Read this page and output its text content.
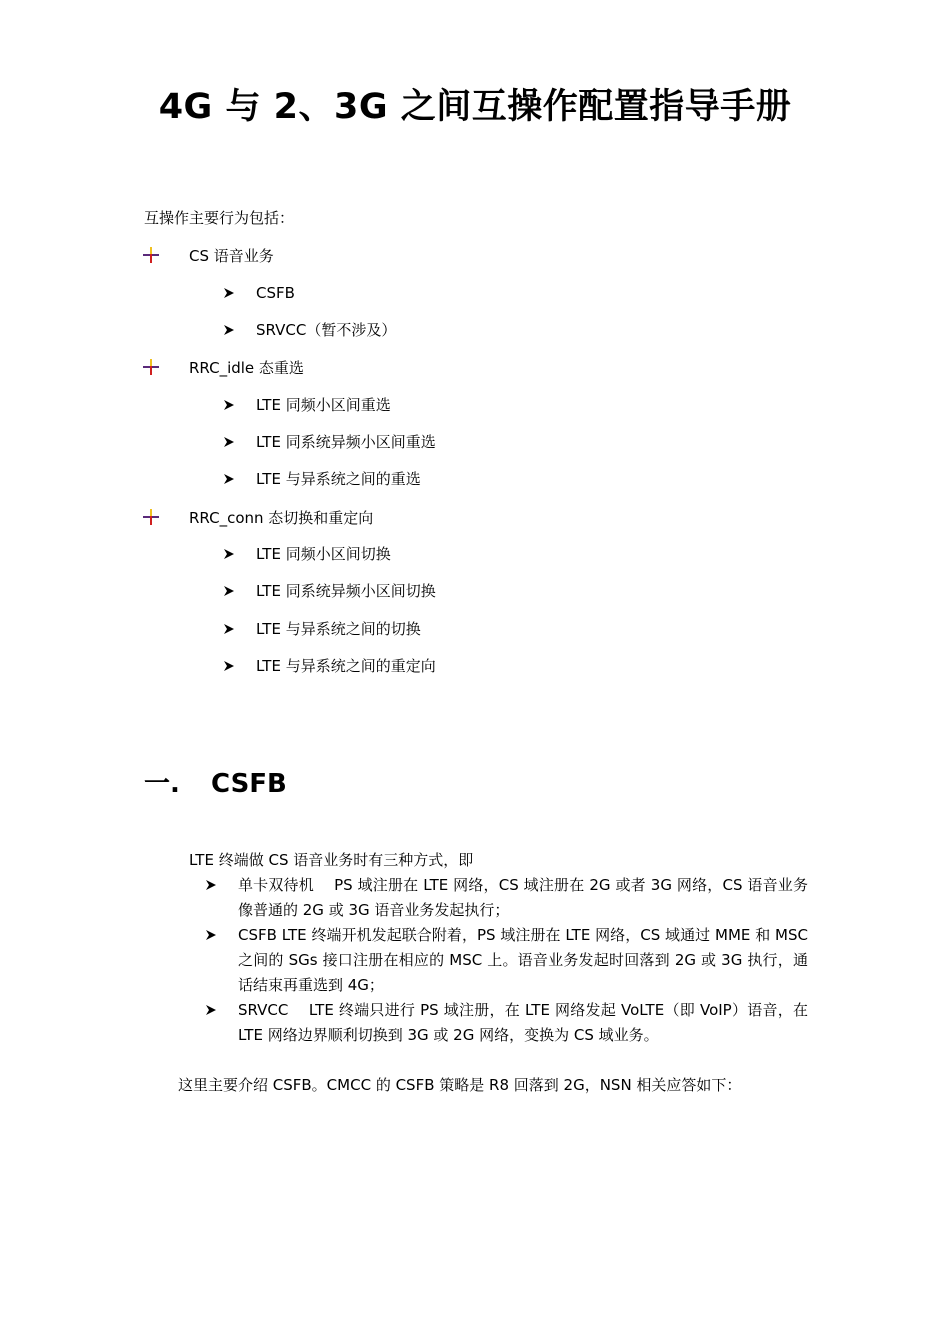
4G 与 2、3G 之间互操作配置指导手册
互操作主要行为包括：
CS 语音业务
CSFB
SRVCC（暂不涉及）
RRC_idle 态重选
LTE 同频小区间重选
LTE 同系统异频小区间重选
LTE 与异系统之间的重选
RRC_conn 态切换和重定向
LTE 同频小区间切换
LTE 同系统异频小区间切换
LTE 与异系统之间的切换
LTE 与异系统之间的重定向
一. CSFB
LTE 终端做 CS 语音业务时有三种方式，即
单卡双待机　 PS 域注册在 LTE 网络，CS 域注册在 2G 或者 3G 网络，CS 语音业务像普通的 2G 或 3G 语音业务发起执行；
CSFB LTE 终端开机发起联合附着，PS 域注册在 LTE 网络，CS 域通过 MME 和 MSC 之间的 SGs 接口注册在相应的 MSC 上。语音业务发起时回落到 2G 或 3G 执行，通话结束再重选到 4G；
SRVCC　 LTE 终端只进行 PS 域注册，在 LTE 网络发起 VoLTE（即 VoIP）语音，在 LTE 网络边界顺利切换到 3G 或 2G 网络，变换为 CS 域业务。
这里主要介绍 CSFB。CMCC 的 CSFB 策略是 R8 回落到 2G，NSN 相关应答如下：
